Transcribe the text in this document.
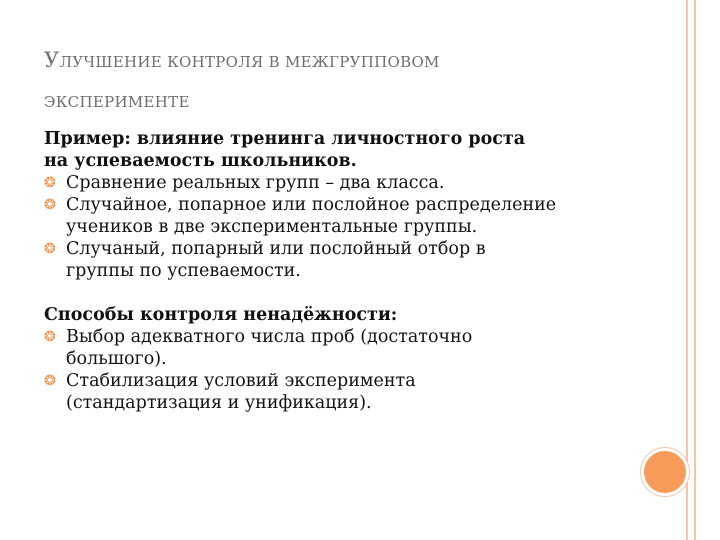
УЛУЧШЕНИЕ КОНТРОЛЯ В МЕЖГРУППОВОМ
ЭКСПЕРИМЕНТЕ
Пример: влияние тренинга личностного роста
на успеваемость школьников.
❂ Сравнение реальных групп – два класса.
❂ Случайное, попарное или послойное распределение
учеников в две экспериментальные группы.
❂ Случаный, попарный или послойный отбор в
группы по успеваемости.
Способы контроля ненадёжности:
❂ Выбор адекватного числа проб (достаточно
большого).
❂ Стабилизация условий эксперимента
(стандартизация и унификация).
